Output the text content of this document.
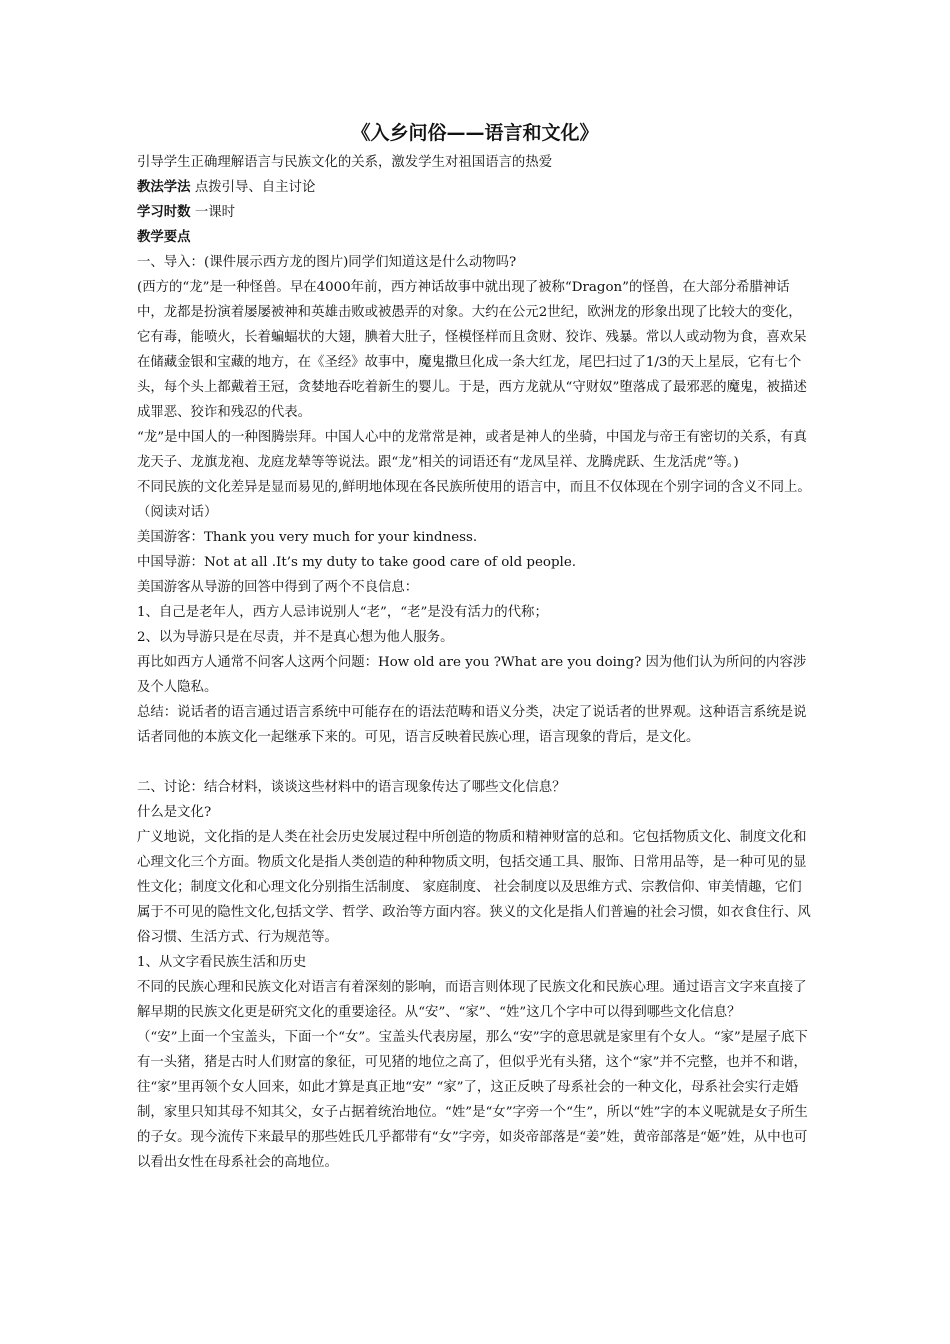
《入乡问俗——语言和文化》

引导学生正确理解语言与民族文化的关系，激发学生对祖国语言的热爱

教法学法 点拨引导、自主讨论

学习时数 一课时

教学要点

一、导入：(课件展示西方龙的图片)同学们知道这是什么动物吗?

(西方的“龙”是一种怪兽。早在4000年前，西方神话故事中就出现了被称“Dragon”的怪兽，在大部分希腊神话中，龙都是扮演着屡屡被神和英雄击败或被愚弄的对象。大约在公元2世纪，欧洲龙的形象出现了比较大的变化，它有毒，能喷火，长着蝙蝠状的大翅，腆着大肚子，怪模怪样而且贪财、狡诈、残暴。常以人或动物为食，喜欢呆在储藏金银和宝藏的地方，在《圣经》故事中，魔鬼撒旦化成一条大红龙，尾巴扫过了1/3的天上星辰，它有七个头，每个头上都戴着王冠，贪婪地吞吃着新生的婴儿。于是，西方龙就从“守财奴”堕落成了最邪恶的魔鬼，被描述成罪恶、狡诈和残忍的代表。

“龙”是中国人的一种图腾崇拜。中国人心中的龙常常是神，或者是神人的坐骑，中国龙与帝王有密切的关系，有真龙天子、龙旗龙袍、龙庭龙辇等等说法。跟“龙”相关的词语还有“龙凤呈祥、龙腾虎跃、生龙活虎”等。)

不同民族的文化差异是显而易见的,鲜明地体现在各民族所使用的语言中，而且不仅体现在个别字词的含义不同上。（阅读对话）

美国游客：Thank you very much for your kindness.

中国导游：Not at all .It’s my duty to take good care of old people.

美国游客从导游的回答中得到了两个不良信息：

1、自己是老年人，西方人忌讳说别人“老”，“老”是没有活力的代称；

2、以为导游只是在尽责，并不是真心想为他人服务。

再比如西方人通常不问客人这两个问题：How old are you ?What are you doing? 因为他们认为所问的内容涉及个人隐私。

总结：说话者的语言通过语言系统中可能存在的语法范畴和语义分类，决定了说话者的世界观。这种语言系统是说话者同他的本族文化一起继承下来的。可见，语言反映着民族心理，语言现象的背后，是文化。

二、讨论：结合材料，谈谈这些材料中的语言现象传达了哪些文化信息？

什么是文化?

广义地说，文化指的是人类在社会历史发展过程中所创造的物质和精神财富的总和。它包括物质文化、制度文化和心理文化三个方面。物质文化是指人类创造的种种物质文明，包括交通工具、服饰、日常用品等，是一种可见的显性文化；制度文化和心理文化分别指生活制度、 家庭制度、 社会制度以及思维方式、宗教信仰、审美情趣，它们属于不可见的隐性文化,包括文学、哲学、政治等方面内容。狭义的文化是指人们普遍的社会习惯，如衣食住行、风俗习惯、生活方式、行为规范等。

1、从文字看民族生活和历史

不同的民族心理和民族文化对语言有着深刻的影响，而语言则体现了民族文化和民族心理。通过语言文字来直接了解早期的民族文化更是研究文化的重要途径。从“安”、“家”、“姓”这几个字中可以得到哪些文化信息？

（“安”上面一个宝盖头，下面一个“女”。宝盖头代表房屋，那么“安”字的意思就是家里有个女人。“家”是屋子底下有一头猪，猪是古时人们财富的象征，可见猪的地位之高了，但似乎光有头猪，这个“家”并不完整，也并不和谐，往“家”里再领个女人回来，如此才算是真正地“安” “家”了，这正反映了母系社会的一种文化，母系社会实行走婚制，家里只知其母不知其父，女子占据着统治地位。“姓”是“女”字旁一个“生”，所以“姓”字的本义呢就是女子所生的子女。现今流传下来最早的那些姓氏几乎都带有“女”字旁，如炎帝部落是“姜”姓，黄帝部落是“姬”姓，从中也可以看出女性在母系社会的高地位。
